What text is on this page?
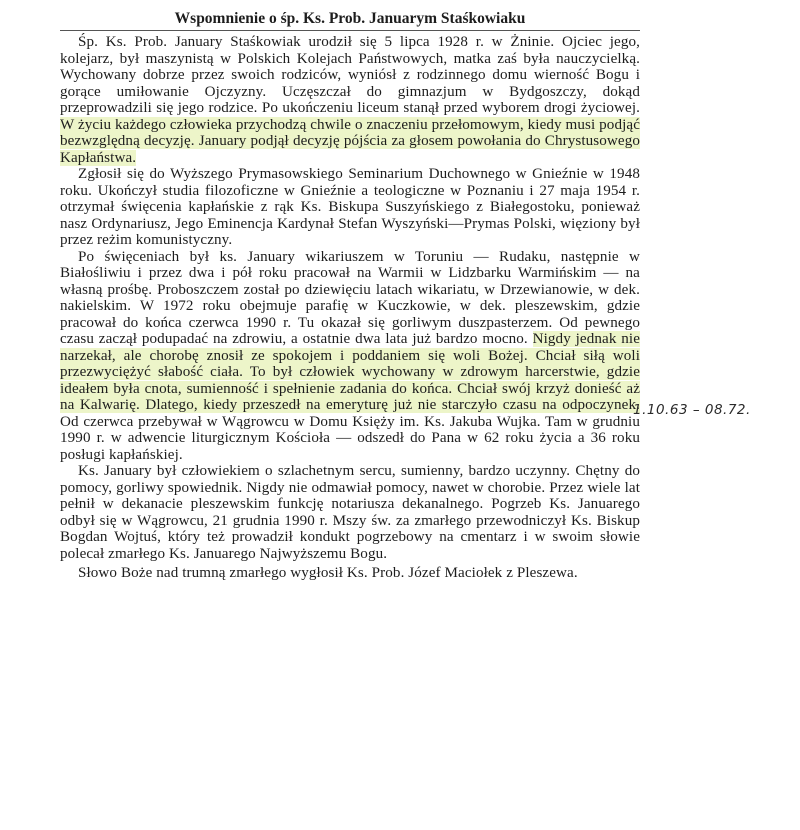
Wspomnienie o śp. Ks. Prob. Januarym Staśkowiaku

Śp. Ks. Prob. January Staśkowiak urodził się 5 lipca 1928 r. w Żninie. Ojciec jego, kolejarz, był maszynistą w Polskich Kolejach Państwowych, matka zaś była nauczycielką. Wychowany dobrze przez swoich rodziców, wyniósł z rodzinnego domu wierność Bogu i gorące umiłowanie Ojczyzny. Uczęszczał do gimnazjum w Bydgoszczy, dokąd przeprowadzili się jego rodzice. Po ukończeniu liceum stanął przed wyborem drogi życiowej. W życiu każdego człowieka przychodzą chwile o znaczeniu przełomowym, kiedy musi podjąć bezwzględną decyzję. January podjął decyzję pójścia za głosem powołania do Chrystusowego Kapłaństwa.

Zgłosił się do Wyższego Prymasowskiego Seminarium Duchownego w Gnieźnie w 1948 roku. Ukończył studia filozoficzne w Gnieźnie a teologiczne w Poznaniu i 27 maja 1954 r. otrzymał święcenia kapłańskie z rąk Ks. Biskupa Suszyńskiego z Białegostoku, ponieważ nasz Ordynariusz, Jego Eminencja Kardynał Stefan Wyszyński—Prymas Polski, więziony był przez reżim komunistyczny.

Po święceniach był ks. January wikariuszem w Toruniu — Rudaku, następnie w Białośliwiu i przez dwa i pół roku pracował na Warmii w Lidzbarku Warmińskim — na własną prośbę. Proboszczem został po dziewięciu latach wikariatu, w Drzewianowie, w dek. nakielskim. W 1972 roku obejmuje parafię w Kuczkowie, w dek. pleszewskim, gdzie pracował do końca czerwca 1990 r. Tu okazał się gorliwym duszpasterzem. Od pewnego czasu zaczął podupadać na zdrowiu, a ostatnie dwa lata już bardzo mocno. Nigdy jednak nie narzekał, ale chorobę znosił ze spokojem i poddaniem się woli Bożej. Chciał siłą woli przezwyciężyć słabość ciała. To był człowiek wychowany w zdrowym harcerstwie, gdzie ideałem była cnota, sumienność i spełnienie zadania do końca. Chciał swój krzyż donieść aż na Kalwarię. Dlatego, kiedy przeszedł na emeryturę już nie starczyło czasu na odpoczynek. Od czerwca przebywał w Wągrowcu w Domu Księży im. Ks. Jakuba Wujka. Tam w grudniu 1990 r. w adwencie liturgicznym Kościoła — odszedł do Pana w 62 roku życia a 36 roku posługi kapłańskiej.

Ks. January był człowiekiem o szlachetnym sercu, sumienny, bardzo uczynny. Chętny do pomocy, gorliwy spowiednik. Nigdy nie odmawiał pomocy, nawet w chorobie. Przez wiele lat pełnił w dekanacie pleszewskim funkcję notariusza dekanalnego. Pogrzeb Ks. Januarego odbył się w Wągrowcu, 21 grudnia 1990 r. Mszy św. za zmarłego przewodniczył Ks. Biskup Bogdan Wojtuś, który też prowadził kondukt pogrzebowy na cmentarz i w swoim słowie polecał zmarłego Ks. Januarego Najwyższemu Bogu.

Słowo Boże nad trumną zmarłego wygłosił Ks. Prob. Józef Maciołek z Pleszewa.

1.10.63 – 08.72.
